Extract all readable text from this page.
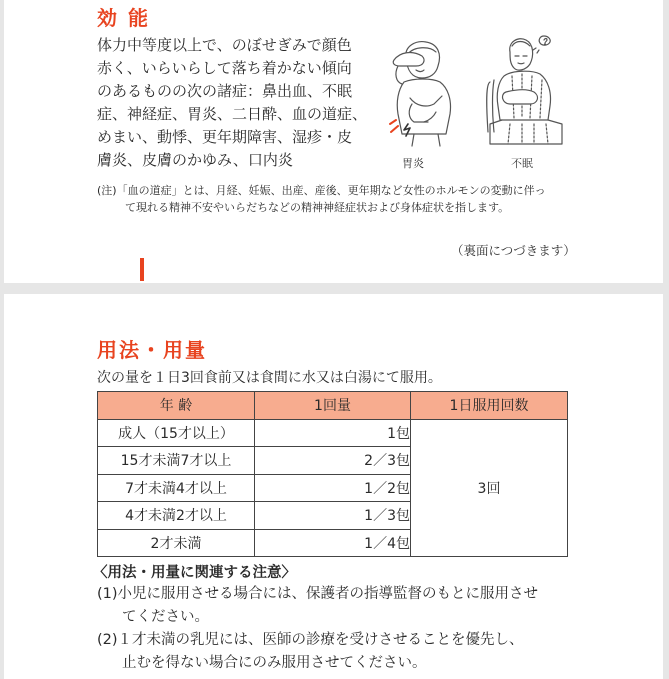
効 能

体力中等度以上で、のぼせぎみで顔色
赤く、いらいらして落ち着かない傾向
のあるものの次の諸症：鼻出血、不眠
症、神経症、胃炎、二日酔、血の道症、
めまい、動悸、更年期障害、湿疹・皮
膚炎、皮膚のかゆみ、口内炎	胃炎	不眠

(注)「血の道症」とは、月経、妊娠、出産、産後、更年期など女性のホルモンの変動に伴っ
て現れる精神不安やいらだちなどの精神神経症状および身体症状を指します。

（裏面につづきます）
用法・用量

次の量を１日3回食前又は食間に水又は白湯にて服用。

年 齢	1回量	1日服用回数
成人（15才以上）	1包	3回
15才未満7才以上	2／3包	
7才未満4才以上	1／2包	
4才未満2才以上	1／3包	
2才未満	1／4包	

〈用法・用量に関連する注意〉

(1)小児に服用させる場合には、保護者の指導監督のもとに服用させ
てください。
(2)１才未満の乳児には、医師の診療を受けさせることを優先し、
止むを得ない場合にのみ服用させてください。
